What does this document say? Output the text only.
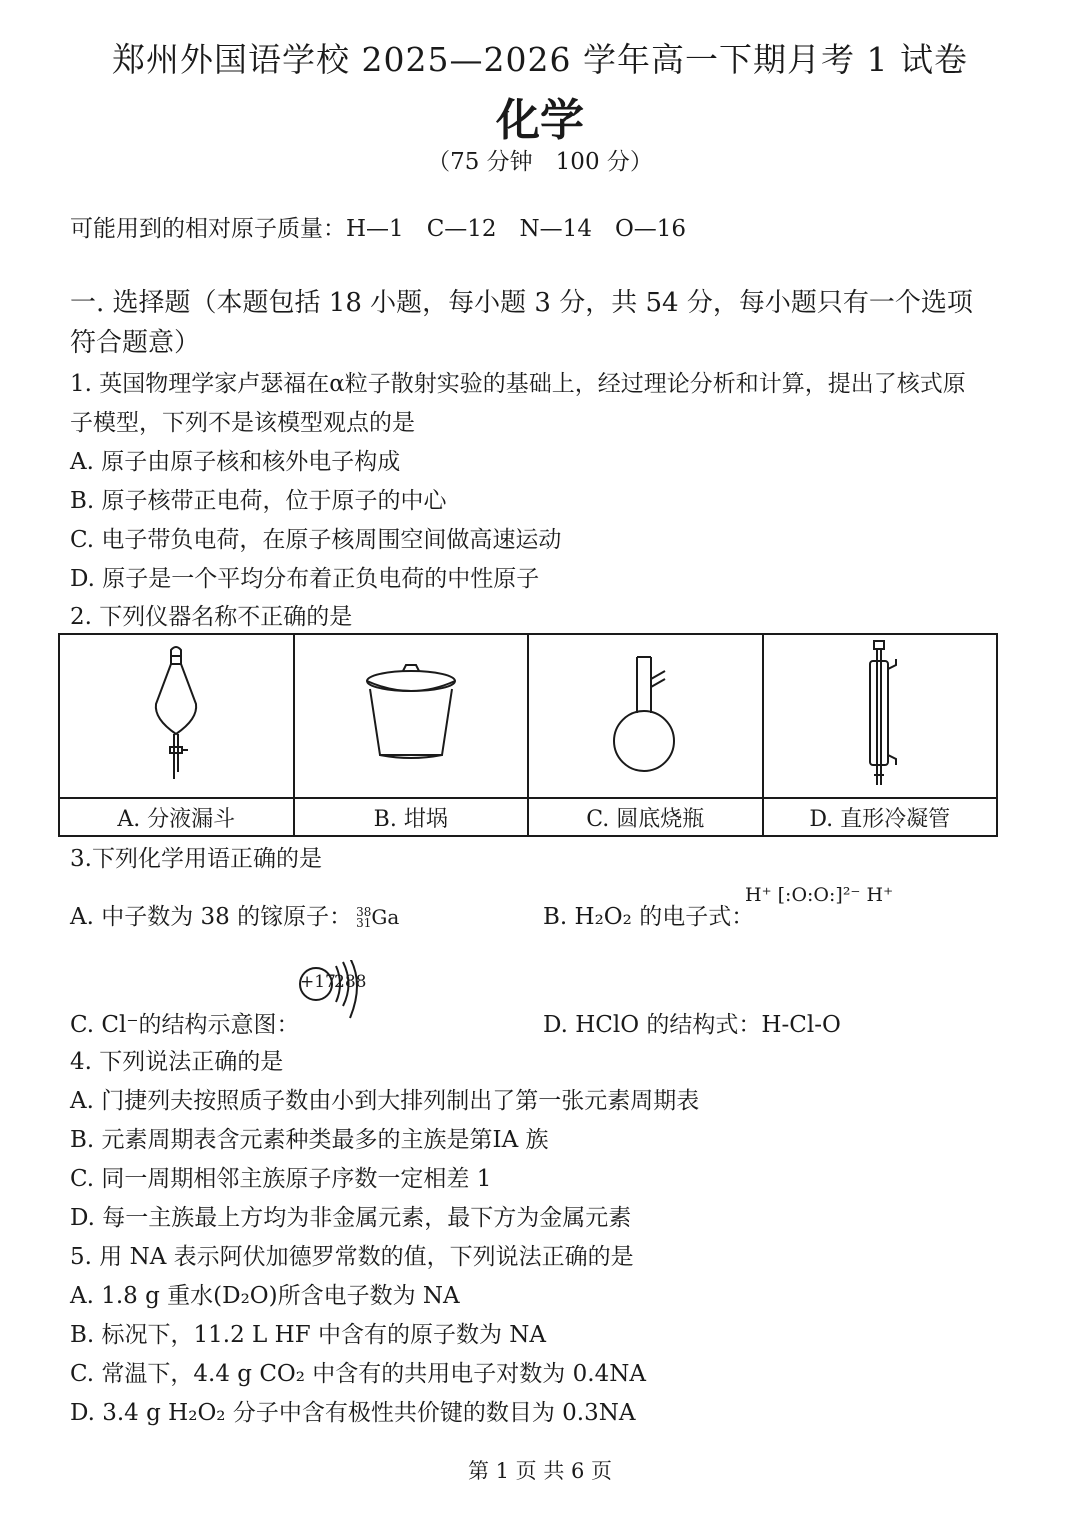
郑州外国语学校 2025—2026 学年高一下期月考 1 试卷
化学
（75 分钟　100 分）
可能用到的相对原子质量：H—1　C—12　N—14　O—16
一. 选择题（本题包括 18 小题，每小题 3 分，共 54 分，每小题只有一个选项
符合题意）
1. 英国物理学家卢瑟福在α粒子散射实验的基础上，经过理论分析和计算，提出了核式原
子模型，下列不是该模型观点的是
A. 原子由原子核和核外电子构成
B. 原子核带正电荷，位于原子的中心
C. 电子带负电荷，在原子核周围空间做高速运动
D. 原子是一个平均分布着正负电荷的中性原子
2. 下列仪器名称不正确的是

A. 分液漏斗	B. 坩埚	C. 圆底烧瓶	D. 直形冷凝管
3.下列化学用语正确的是
A. 中子数为 38 的镓原子： 38
31 Ga	B. H₂O₂ 的电子式：
H⁺ [:O:O:]²⁻ H⁺
+17
288
C. Cl⁻的结构示意图：	D. HClO 的结构式：H-Cl-O
4. 下列说法正确的是
A. 门捷列夫按照质子数由小到大排列制出了第一张元素周期表
B. 元素周期表含元素种类最多的主族是第IA 族
C. 同一周期相邻主族原子序数一定相差 1
D. 每一主族最上方均为非金属元素，最下方为金属元素
5. 用 NA 表示阿伏加德罗常数的值，下列说法正确的是
A. 1.8 g 重水(D₂O)所含电子数为 NA
B. 标况下，11.2 L HF 中含有的原子数为 NA
C. 常温下，4.4 g CO₂ 中含有的共用电子对数为 0.4NA
D. 3.4 g H₂O₂ 分子中含有极性共价键的数目为 0.3NA
第 1 页 共 6 页
